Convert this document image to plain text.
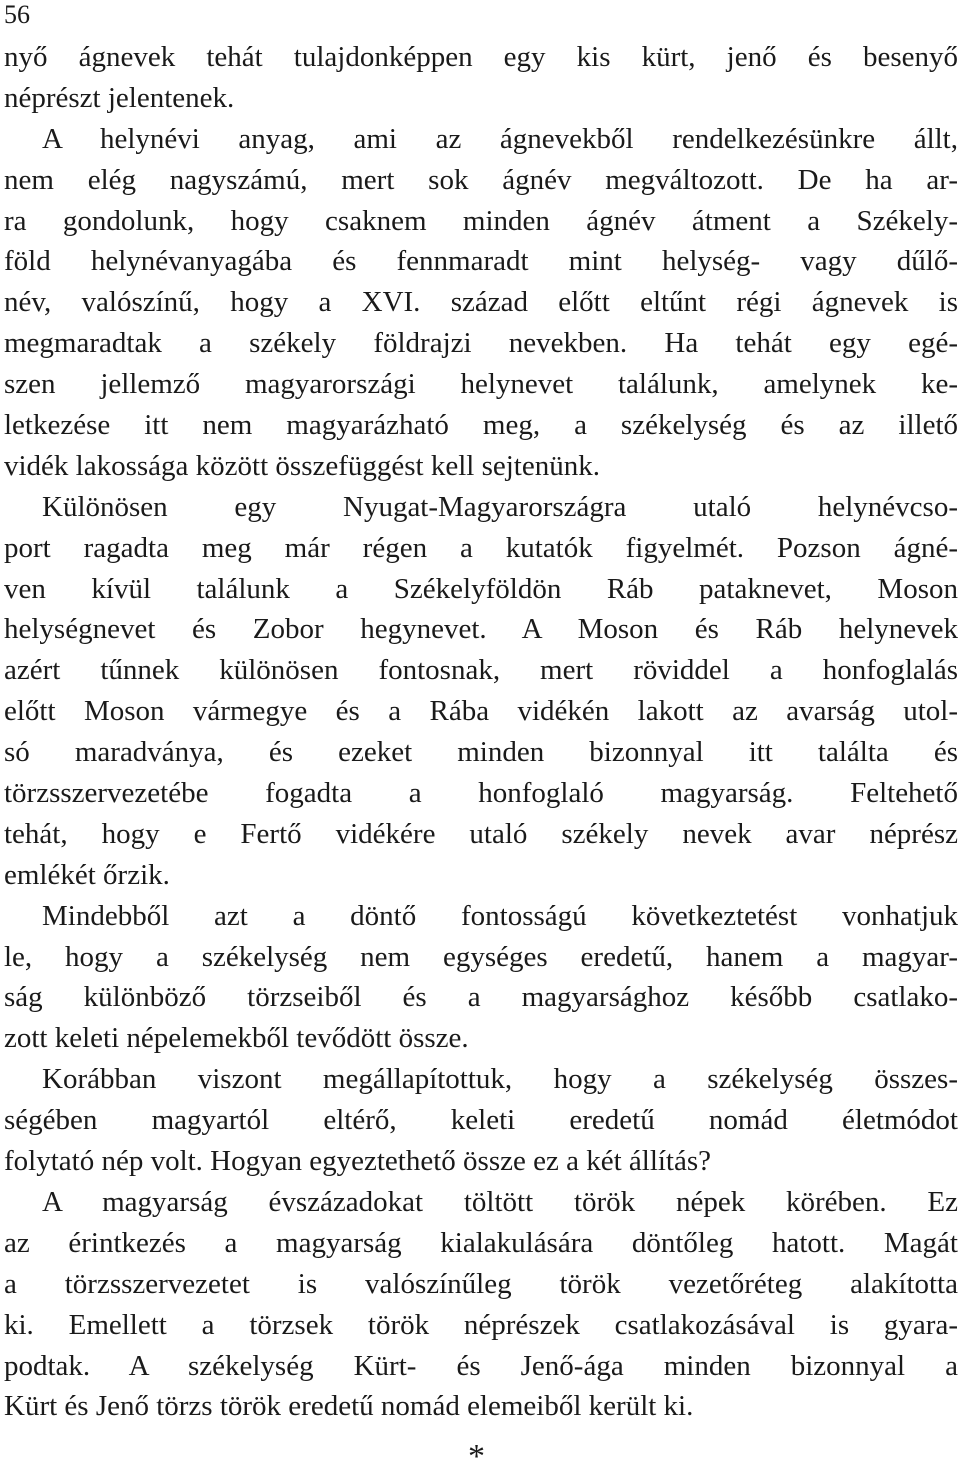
56
nyő ágnevek tehát tulajdonképpen egy kis kürt, jenő és besenyő
néprészt jelentenek.
A helynévi anyag, ami az ágnevekből rendelkezésünkre állt,
nem elég nagyszámú, mert sok ágnév megváltozott. De ha ar-
ra gondolunk, hogy csaknem minden ágnév átment a Székely-
föld helynévanyagába és fennmaradt mint helység- vagy dűlő-
név, valószínű, hogy a XVI. század előtt eltűnt régi ágnevek is
megmaradtak a székely földrajzi nevekben. Ha tehát egy egé-
szen jellemző magyarországi helynevet találunk, amelynek ke-
letkezése itt nem magyarázható meg, a székelység és az illető
vidék lakossága között összefüggést kell sejtenünk.
Különösen egy Nyugat-Magyarországra utaló helynévcso-
port ragadta meg már régen a kutatók figyelmét. Pozson ágné-
ven kívül találunk a Székelyföldön Ráb pataknevet, Moson
helységnevet és Zobor hegynevet. A Moson és Ráb helynevek
azért tűnnek különösen fontosnak, mert röviddel a honfoglalás
előtt Moson vármegye és a Rába vidékén lakott az avarság utol-
só maradványa, és ezeket minden bizonnyal itt találta és
törzsszervezetébe fogadta a honfoglaló magyarság. Feltehető
tehát, hogy e Fertő vidékére utaló székely nevek avar néprész
emlékét őrzik.
Mindebből azt a döntő fontosságú következtetést vonhatjuk
le, hogy a székelység nem egységes eredetű, hanem a magyar-
ság különböző törzseiből és a magyarsághoz később csatlako-
zott keleti népelemekből tevődött össze.
Korábban viszont megállapítottuk, hogy a székelység összes-
ségében magyartól eltérő, keleti eredetű nomád életmódot
folytató nép volt. Hogyan egyeztethető össze ez a két állítás?
A magyarság évszázadokat töltött török népek körében. Ez
az érintkezés a magyarság kialakulására döntőleg hatott. Magát
a törzsszervezetet is valószínűleg török vezetőréteg alakította
ki. Emellett a törzsek török néprészek csatlakozásával is gyara-
podtak. A székelység Kürt- és Jenő-ága minden bizonnyal a
Kürt és Jenő törzs török eredetű nomád elemeiből került ki.
*
